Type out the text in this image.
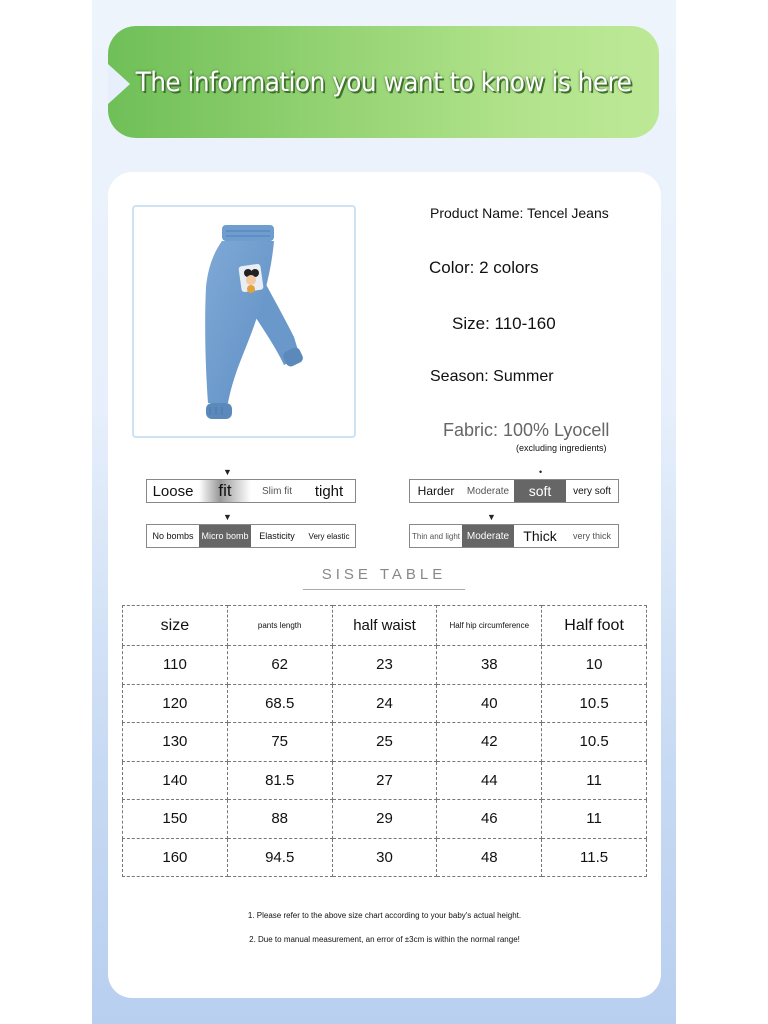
The information you want to know is here
Product Name: Tencel Jeans
Color: 2 colors
Size: 110-160
Season: Summer
Fabric: 100% Lyocell
(excluding ingredients)
▼
Loose	fit	Slim fit	tight
•
Harder	Moderate	soft	very soft
▼
No bombs Micro bomb	Elasticity	Very elastic
▼
Thin and light Moderate	Thick	very thick
SISE TABLE
size	pants length	half waist	Half hip circumference	Half foot
110	62	23	38	10
120	68.5	24	40	10.5
130	75	25	42	10.5
140	81.5	27	44	11
150	88	29	46	11
160	94.5	30	48	11.5
1. Please refer to the above size chart according to your baby's actual height.
2. Due to manual measurement, an error of ±3cm is within the normal range!
